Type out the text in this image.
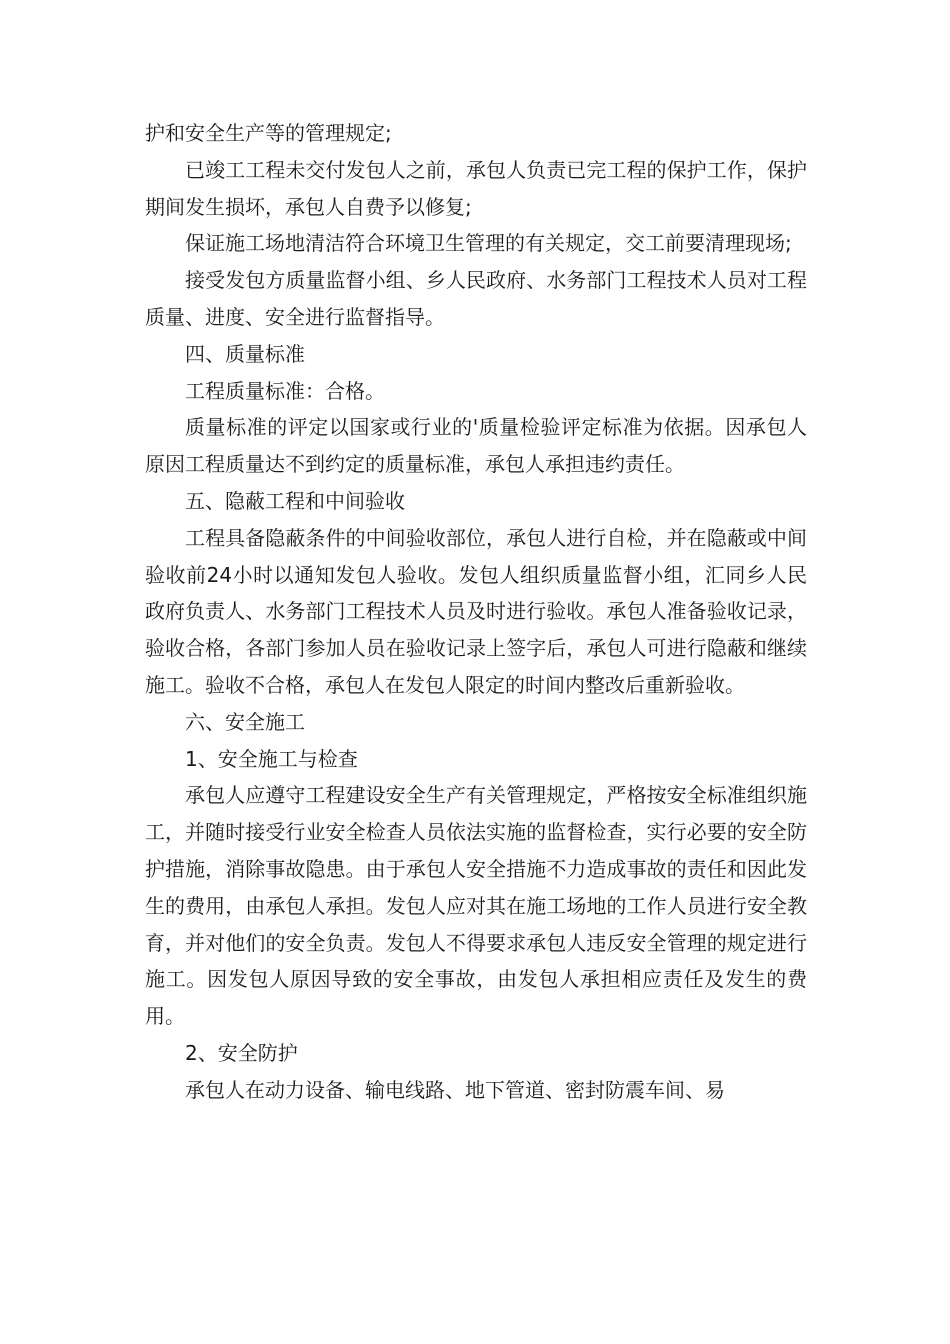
护和安全生产等的管理规定;

已竣工工程未交付发包人之前，承包人负责已完工程的保护工作，保护期间发生损坏，承包人自费予以修复;

保证施工场地清洁符合环境卫生管理的有关规定，交工前要清理现场;

接受发包方质量监督小组、乡人民政府、水务部门工程技术人员对工程质量、进度、安全进行监督指导。

四、质量标准

工程质量标准：合格。

质量标准的评定以国家或行业的'质量检验评定标准为依据。因承包人原因工程质量达不到约定的质量标准，承包人承担违约责任。

五、隐蔽工程和中间验收

工程具备隐蔽条件的中间验收部位，承包人进行自检，并在隐蔽或中间验收前24小时以通知发包人验收。发包人组织质量监督小组，汇同乡人民政府负责人、水务部门工程技术人员及时进行验收。承包人准备验收记录，验收合格，各部门参加人员在验收记录上签字后，承包人可进行隐蔽和继续施工。验收不合格，承包人在发包人限定的时间内整改后重新验收。

六、安全施工

1、安全施工与检查

承包人应遵守工程建设安全生产有关管理规定，严格按安全标准组织施工，并随时接受行业安全检查人员依法实施的监督检查，实行必要的安全防护措施，消除事故隐患。由于承包人安全措施不力造成事故的责任和因此发生的费用，由承包人承担。发包人应对其在施工场地的工作人员进行安全教育，并对他们的安全负责。发包人不得要求承包人违反安全管理的规定进行施工。因发包人原因导致的安全事故，由发包人承担相应责任及发生的费用。

2、安全防护

承包人在动力设备、输电线路、地下管道、密封防震车间、易
